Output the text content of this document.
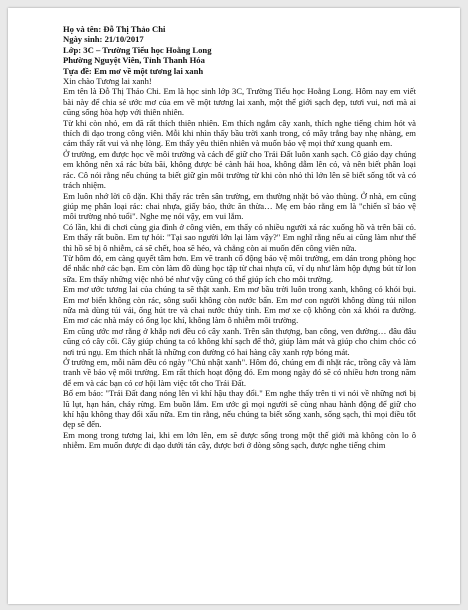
Họ và tên: Đỗ Thị Thảo Chi
Ngày sinh: 21/10/2017
Lớp: 3C – Trường Tiểu học Hoằng Long
Phường Nguyệt Viên, Tỉnh Thanh Hóa
Tựa đề: Em mơ về một tương lai xanh

Xin chào Tương lai xanh!

Em tên là Đỗ Thị Thảo Chi. Em là học sinh lớp 3C, Trường Tiểu học Hoằng Long. Hôm nay em viết bài này để chia sẻ ước mơ của em về một tương lai xanh, một thế giới sạch đẹp, tươi vui, nơi mà ai cũng sống hòa hợp với thiên nhiên.

Từ khi còn nhỏ, em đã rất thích thiên nhiên. Em thích ngắm cây xanh, thích nghe tiếng chim hót và thích đi dạo trong công viên. Mỗi khi nhìn thấy bầu trời xanh trong, có mây trắng bay nhẹ nhàng, em cảm thấy rất vui và nhẹ lòng. Em thấy yêu thiên nhiên và muốn bảo vệ mọi thứ xung quanh em.

Ở trường, em được học về môi trường và cách để giữ cho Trái Đất luôn xanh sạch. Cô giáo dạy chúng em không nên xả rác bừa bãi, không được bẻ cành hái hoa, không dẫm lên cỏ, và nên biết phân loại rác. Cô nói rằng nếu chúng ta biết giữ gìn môi trường từ khi còn nhỏ thì lớn lên sẽ biết sống tốt và có trách nhiệm.

Em luôn nhớ lời cô dặn. Khi thấy rác trên sân trường, em thường nhặt bỏ vào thùng. Ở nhà, em cũng giúp mẹ phân loại rác: chai nhựa, giấy báo, thức ăn thừa… Mẹ em bảo rằng em là "chiến sĩ bảo vệ môi trường nhỏ tuổi". Nghe mẹ nói vậy, em vui lắm.

Có lần, khi đi chơi cùng gia đình ở công viên, em thấy có nhiều người xả rác xuống hồ và trên bãi cỏ. Em thấy rất buồn. Em tự hỏi: "Tại sao người lớn lại làm vậy?" Em nghĩ rằng nếu ai cũng làm như thế thì hồ sẽ bị ô nhiễm, cá sẽ chết, hoa sẽ héo, và chẳng còn ai muốn đến công viên nữa.

Từ hôm đó, em càng quyết tâm hơn. Em vẽ tranh cổ động bảo vệ môi trường, em dán trong phòng học để nhắc nhở các bạn. Em còn làm đồ dùng học tập từ chai nhựa cũ, ví dụ như làm hộp đựng bút từ lon sữa. Em thấy những việc nhỏ bé như vậy cũng có thể giúp ích cho môi trường.

Em mơ ước tương lai của chúng ta sẽ thật xanh. Em mơ bầu trời luôn trong xanh, không có khói bụi. Em mơ biển không còn rác, sông suối không còn nước bẩn. Em mơ con người không dùng túi nilon nữa mà dùng túi vải, ống hút tre và chai nước thủy tinh. Em mơ xe cộ không còn xả khói ra đường. Em mơ các nhà máy có ống lọc khí, không làm ô nhiễm môi trường.

Em cũng ước mơ rằng ở khắp nơi đều có cây xanh. Trên sân thượng, ban công, ven đường… đâu đâu cũng có cây cối. Cây giúp chúng ta có không khí sạch để thở, giúp làm mát và giúp cho chim chóc có nơi trú ngụ. Em thích nhất là những con đường có hai hàng cây xanh rợp bóng mát.

Ở trường em, mỗi năm đều có ngày "Chủ nhật xanh". Hôm đó, chúng em đi nhặt rác, trồng cây và làm tranh về bảo vệ môi trường. Em rất thích hoạt động đó. Em mong ngày đó sẽ có nhiều hơn trong năm để em và các bạn có cơ hội làm việc tốt cho Trái Đất.

Bố em bảo: "Trái Đất đang nóng lên vì khí hậu thay đổi." Em nghe thấy trên ti vi nói về những nơi bị lũ lụt, hạn hán, cháy rừng. Em buồn lắm. Em ước gì mọi người sẽ cùng nhau hành động để giữ cho khí hậu không thay đổi xấu nữa. Em tin rằng, nếu chúng ta biết sống xanh, sống sạch, thì mọi điều tốt đẹp sẽ đến.

Em mong trong tương lai, khi em lớn lên, em sẽ được sống trong một thế giới mà không còn lo ô nhiễm. Em muốn được đi dạo dưới tán cây, được bơi ở dòng sông sạch, được nghe tiếng chim
